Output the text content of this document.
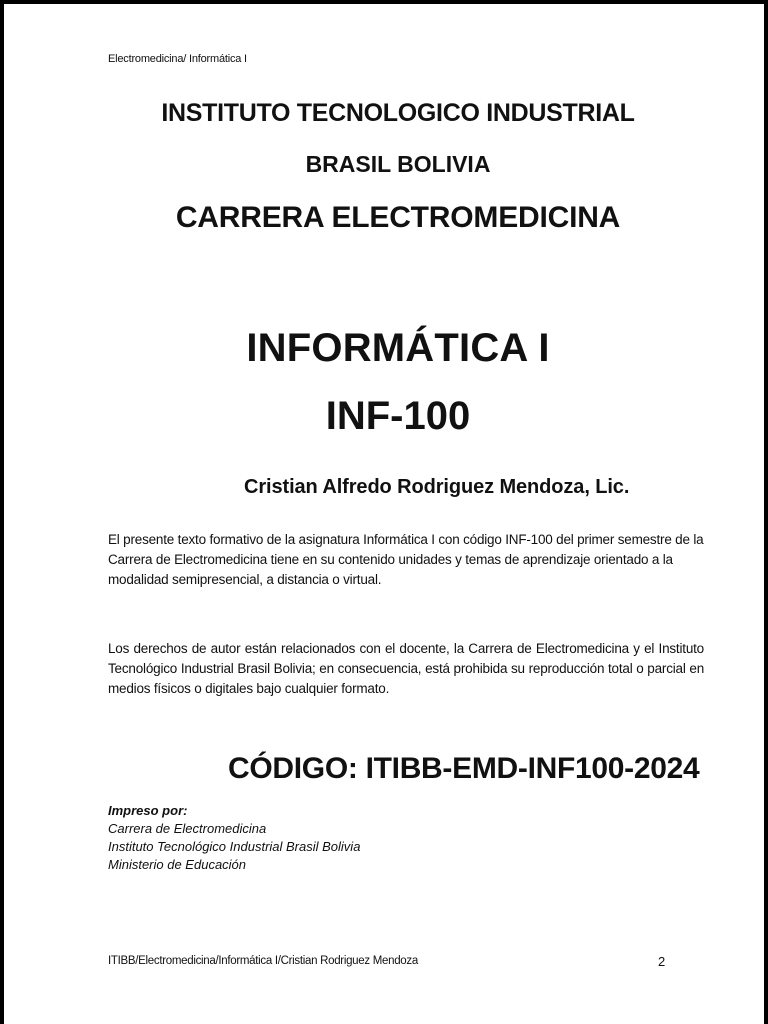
Electromedicina/ Informática I
INSTITUTO TECNOLOGICO INDUSTRIAL
BRASIL BOLIVIA
CARRERA ELECTROMEDICINA
INFORMÁTICA I
INF-100
Cristian Alfredo Rodriguez Mendoza, Lic.
El presente texto formativo de la asignatura Informática I con código INF-100 del primer semestre de la Carrera de Electromedicina tiene en su contenido unidades y temas de aprendizaje orientado a la modalidad semipresencial, a distancia o virtual.
Los derechos de autor están relacionados con el docente, la Carrera de Electromedicina y el Instituto Tecnológico Industrial Brasil Bolivia; en consecuencia, está prohibida su reproducción total o parcial en medios físicos o digitales bajo cualquier formato.
CÓDIGO: ITIBB-EMD-INF100-2024
Impreso por:
Carrera de Electromedicina
Instituto Tecnológico Industrial Brasil Bolivia
Ministerio de Educación
ITIBB/Electromedicina/Informática I/Cristian Rodriguez Mendoza	2
